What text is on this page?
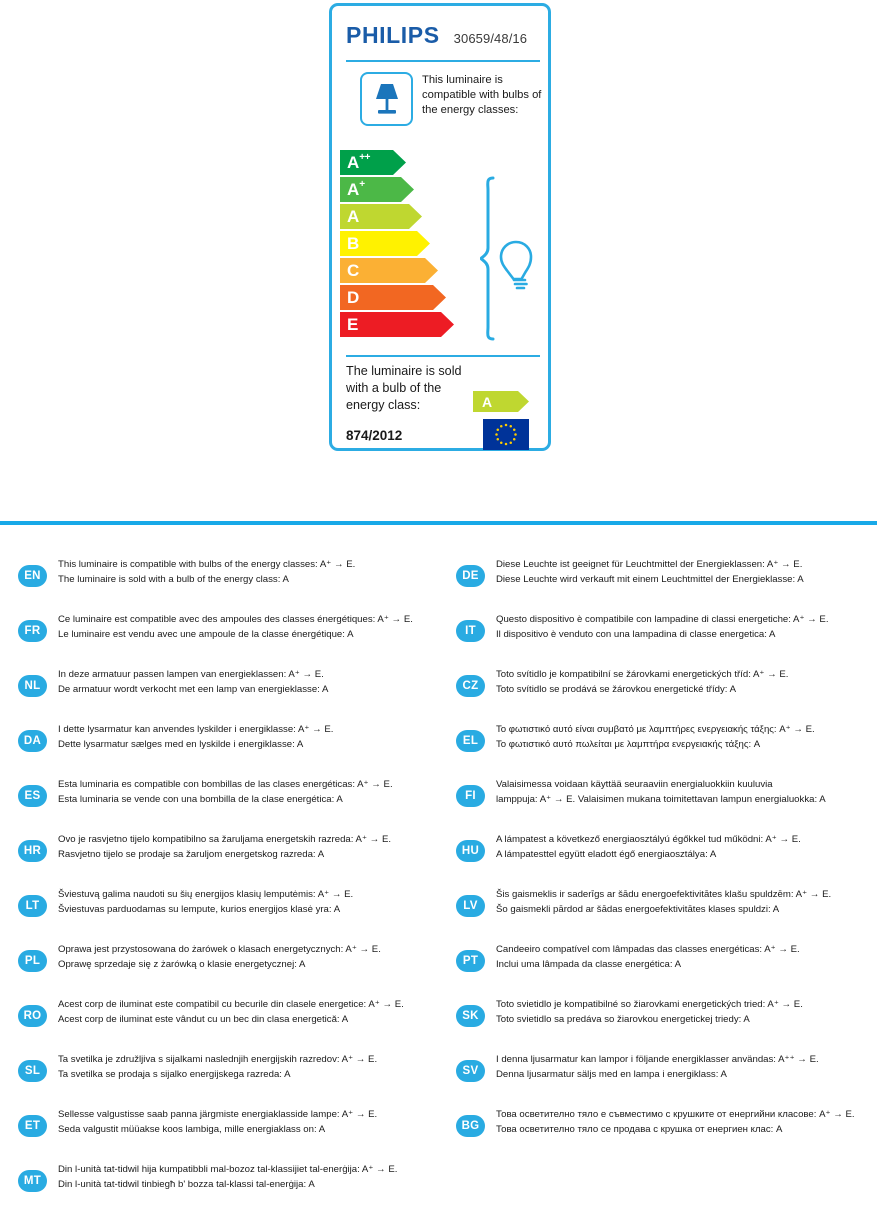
PHILIPS 30659/48/16
This luminaire is compatible with bulbs of the energy classes:
A ++
A +
A
B
C
D
E
The luminaire is sold with a bulb of the energy class:	A
874/2012
EN
This luminaire is compatible with bulbs of the energy classes: A⁺ → E.
The luminaire is sold with a bulb of the energy class: A
FR
Ce luminaire est compatible avec des ampoules des classes énergétiques: A⁺ → E.
Le luminaire est vendu avec une ampoule de la classe énergétique: A
NL
In deze armatuur passen lampen van energieklassen: A⁺ → E.
De armatuur wordt verkocht met een lamp van energieklasse: A
DA
I dette lysarmatur kan anvendes lyskilder i energiklasse: A⁺ → E.
Dette lysarmatur sælges med en lyskilde i energiklasse: A
ES
Esta luminaria es compatible con bombillas de las clases energéticas: A⁺ → E.
Esta luminaria se vende con una bombilla de la clase energética: A
HR
Ovo je rasvjetno tijelo kompatibilno sa žaruljama energetskih razreda: A⁺ → E.
Rasvjetno tijelo se prodaje sa žaruljom energetskog razreda: A
LT
Šviestuvą galima naudoti su šių energijos klasių lemputėmis: A⁺ → E.
Šviestuvas parduodamas su lempute, kurios energijos klasė yra: A
PL
Oprawa jest przystosowana do żarówek o klasach energetycznych: A⁺ → E.
Oprawę sprzedaje się z żarówką o klasie energetycznej: A
RO
Acest corp de iluminat este compatibil cu becurile din clasele energetice: A⁺ → E.
Acest corp de iluminat este vândut cu un bec din clasa energetică: A
SL
Ta svetilka je združljiva s sijalkami naslednjih energijskih razredov: A⁺ → E.
Ta svetilka se prodaja s sijalko energijskega razreda: A
ET
Sellesse valgustisse saab panna järgmiste energiaklasside lampe: A⁺ → E.
Seda valgustit müüakse koos lambiga, mille energiaklass on: A
MT
Din l-unità tat-tidwil hija kumpatibbli mal-bozoz tal-klassijiet tal-enerġija: A⁺ → E.
Din l-unità tat-tidwil tinbiegħ b' bozza tal-klassi tal-enerġija: A
DE
Diese Leuchte ist geeignet für Leuchtmittel der Energieklassen: A⁺ → E.
Diese Leuchte wird verkauft mit einem Leuchtmittel der Energieklasse: A
IT
Questo dispositivo è compatibile con lampadine di classi energetiche: A⁺ → E.
Il dispositivo è venduto con una lampadina di classe energetica: A
CZ
Toto svítidlo je kompatibilní se žárovkami energetických tříd: A⁺ → E.
Toto svítidlo se prodává se žárovkou energetické třídy: A
EL
Το φωτιστικό αυτό είναι συμβατό με λαμπτήρες ενεργειακής τάξης: A⁺ → E.
Το φωτιστικό αυτό πωλείται με λαμπτήρα ενεργειακής τάξης: A
FI
Valaisimessa voidaan käyttää seuraaviin energialuokkiin kuuluvia
lamppuja: A⁺ → E. Valaisimen mukana toimitettavan lampun energialuokka: A
HU
A lámpatest a következő energiaosztályú égőkkel tud működni: A⁺ → E.
A lámpatesttel együtt eladott égő energiaosztálya: A
LV
Šis gaismeklis ir saderīgs ar šādu energoefektivitātes klašu spuldzēm: A⁺ → E.
Šo gaismekli pārdod ar šādas energoefektivitātes klases spuldzi: A
PT
Candeeiro compatível com lâmpadas das classes energéticas: A⁺ → E.
Inclui uma lâmpada da classe energética: A
SK
Toto svietidlo je kompatibilné so žiarovkami energetických tried: A⁺ → E.
Toto svietidlo sa predáva so žiarovkou energetickej triedy: A
SV
I denna ljusarmatur kan lampor i följande energiklasser användas: A⁺⁺ → E.
Denna ljusarmatur säljs med en lampa i energiklass: A
BG
Това осветително тяло е съвместимо с крушките от енергийни класове: A⁺ → E.
Това осветително тяло се продава с крушка от енергиен клас: A
